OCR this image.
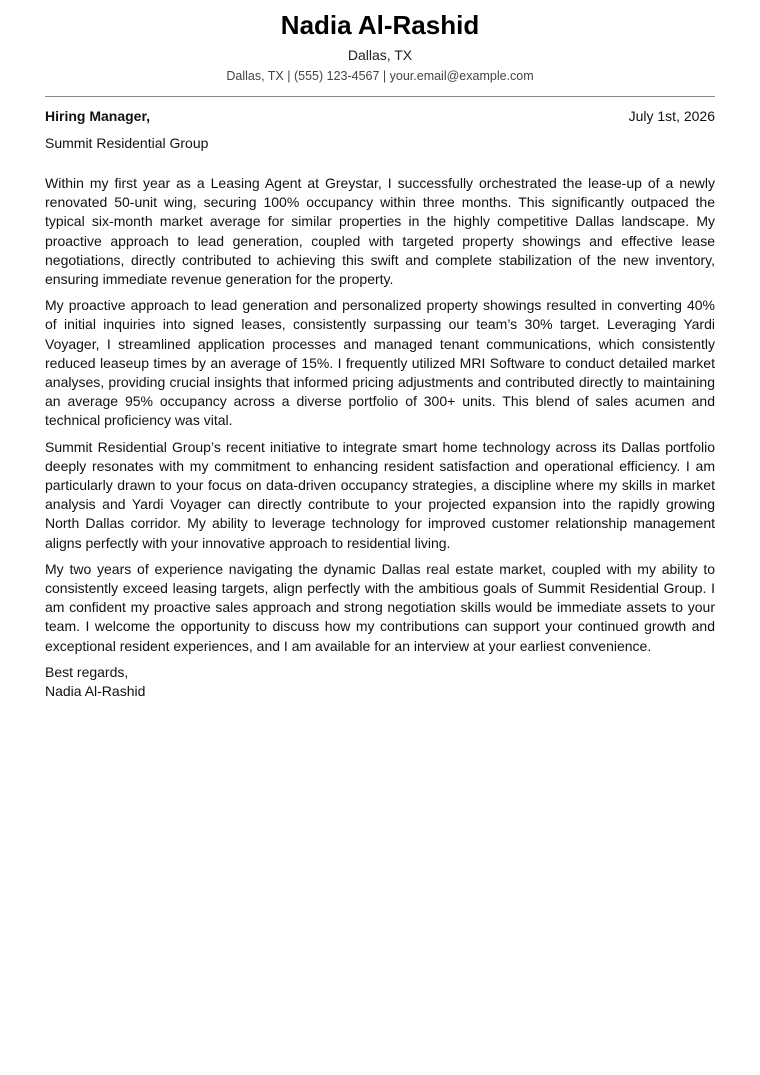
Nadia Al-Rashid
Dallas, TX
Dallas, TX | (555) 123-4567 | your.email@example.com
Hiring Manager,	July 1st, 2026
Summit Residential Group

Within my first year as a Leasing Agent at Greystar, I successfully orchestrated the lease-up of a newly renovated 50-unit wing, securing 100% occupancy within three months. This significantly outpaced the typical six-month market average for similar properties in the highly competitive Dallas landscape. My proactive approach to lead generation, coupled with targeted property showings and effective lease negotiations, directly contributed to achieving this swift and complete stabilization of the new inventory, ensuring immediate revenue generation for the property.

My proactive approach to lead generation and personalized property showings resulted in converting 40% of initial inquiries into signed leases, consistently surpassing our team’s 30% target. Leveraging Yardi Voyager, I streamlined application processes and managed tenant communications, which consistently reduced leaseup times by an average of 15%. I frequently utilized MRI Software to conduct detailed market analyses, providing crucial insights that informed pricing adjustments and contributed directly to maintaining an average 95% occupancy across a diverse portfolio of 300+ units. This blend of sales acumen and technical proficiency was vital.

Summit Residential Group’s recent initiative to integrate smart home technology across its Dallas portfolio deeply resonates with my commitment to enhancing resident satisfaction and operational efficiency. I am particularly drawn to your focus on data-driven occupancy strategies, a discipline where my skills in market analysis and Yardi Voyager can directly contribute to your projected expansion into the rapidly growing North Dallas corridor. My ability to leverage technology for improved customer relationship management aligns perfectly with your innovative approach to residential living.

My two years of experience navigating the dynamic Dallas real estate market, coupled with my ability to consistently exceed leasing targets, align perfectly with the ambitious goals of Summit Residential Group. I am confident my proactive sales approach and strong negotiation skills would be immediate assets to your team. I welcome the opportunity to discuss how my contributions can support your continued growth and exceptional resident experiences, and I am available for an interview at your earliest convenience.

Best regards,
Nadia Al-Rashid
